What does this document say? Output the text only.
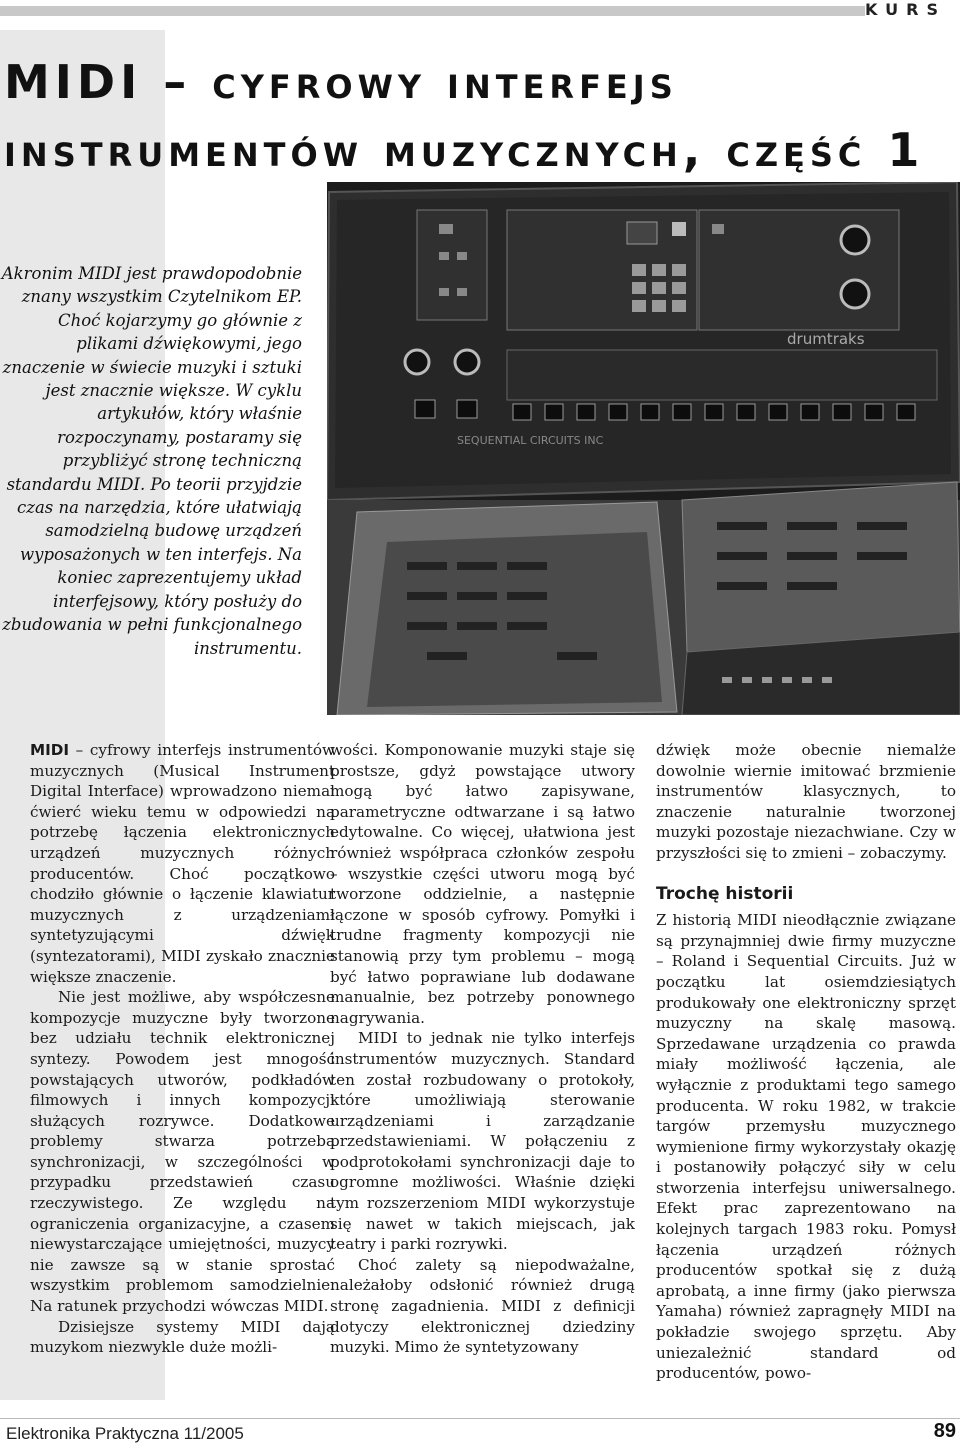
KURS
MIDI – cyfrowy interfejs instrumentów muzycznych, część 1
Akronim MIDI jest prawdopodobnie znany wszystkim Czytelnikom EP. Choć kojarzymy go głównie z plikami dźwiękowymi, jego znaczenie w świecie muzyki i sztuki jest znacznie większe. W cyklu artykułów, który właśnie rozpoczynamy, postaramy się przybliżyć stronę techniczną standardu MIDI. Po teorii przyjdzie czas na narzędzia, które ułatwiają samodzielną budowę urządzeń wyposażonych w ten interfejs. Na koniec zaprezentujemy układ interfejsowy, który posłuży do zbudowania w pełni funkcjonalnego instrumentu.
drumtraks
SEQUENTIAL CIRCUITS INC

MIDI – cyfrowy interfejs instrumentów muzycznych (Musical Instrument Digital Interface) wprowadzono niemal ćwierć wieku temu w odpowiedzi na potrzebę łączenia elektronicznych urządzeń muzycznych różnych producentów. Choć początkowo chodziło głównie o łączenie klawiatur muzycznych z urządzeniami syntetyzującymi dźwięk (syntezatorami), MIDI zyskało znacznie większe znaczenie.

Nie jest możliwe, aby współczesne kompozycje muzyczne były tworzone bez udziału technik elektronicznej syntezy. Powodem jest mnogość powstających utworów, podkładów filmowych i innych kompozycji służących rozrywce. Dodatkowe problemy stwarza potrzeba synchronizacji, w szczególności w przypadku przedstawień czasu rzeczywistego. Ze względu na ograniczenia organizacyjne, a czasem niewystarczające umiejętności, muzycy nie zawsze są w stanie sprostać wszystkim problemom samodzielnie. Na ratunek przychodzi wówczas MIDI.

Dzisiejsze systemy MIDI dają muzykom niezwykle duże możli-

wości. Komponowanie muzyki staje się prostsze, gdyż powstające utwory mogą być łatwo zapisywane, parametryczne odtwarzane i są łatwo edytowalne. Co więcej, ułatwiona jest również współpraca członków zespołu – wszystkie części utworu mogą być tworzone oddzielnie, a następnie łączone w sposób cyfrowy. Pomyłki i trudne fragmenty kompozycji nie stanowią przy tym problemu – mogą być łatwo poprawiane lub dodawane manualnie, bez potrzeby ponownego nagrywania.

MIDI to jednak nie tylko interfejs instrumentów muzycznych. Standard ten został rozbudowany o protokoły, które umożliwiają sterowanie urządzeniami i zarządzanie przedstawieniami. W połączeniu z podprotokołami synchronizacji daje to ogromne możliwości. Właśnie dzięki tym rozszerzeniom MIDI wykorzystuje się nawet w takich miejscach, jak teatry i parki rozrywki.

Choć zalety są niepodważalne, należałoby odsłonić również drugą stronę zagadnienia. MIDI z definicji dotyczy elektronicznej dziedziny muzyki. Mimo że syntetyzowany

dźwięk może obecnie niemalże dowolnie wiernie imitować brzmienie instrumentów klasycznych, to znaczenie naturalnie tworzonej muzyki pozostaje niezachwiane. Czy w przyszłości się to zmieni – zobaczymy.

Trochę historii

Z historią MIDI nieodłącznie związane są przynajmniej dwie firmy muzyczne – Roland i Sequential Circuits. Już w początku lat osiemdziesiątych produkowały one elektroniczny sprzęt muzyczny na skalę masową. Sprzedawane urządzenia co prawda miały możliwość łączenia, ale wyłącznie z produktami tego samego producenta. W roku 1982, w trakcie targów przemysłu muzycznego wymienione firmy wykorzystały okazję i postanowiły połączyć siły w celu stworzenia interfejsu uniwersalnego. Efekt prac zaprezentowano na kolejnych targach 1983 roku. Pomysł łączenia urządzeń różnych producentów spotkał się z dużą aprobatą, a inne firmy (jako pierwsza Yamaha) również zapragnęły MIDI na pokładzie swojego sprzętu. Aby uniezależnić standard od producentów, powo-

Elektronika Praktyczna 11/2005	89
